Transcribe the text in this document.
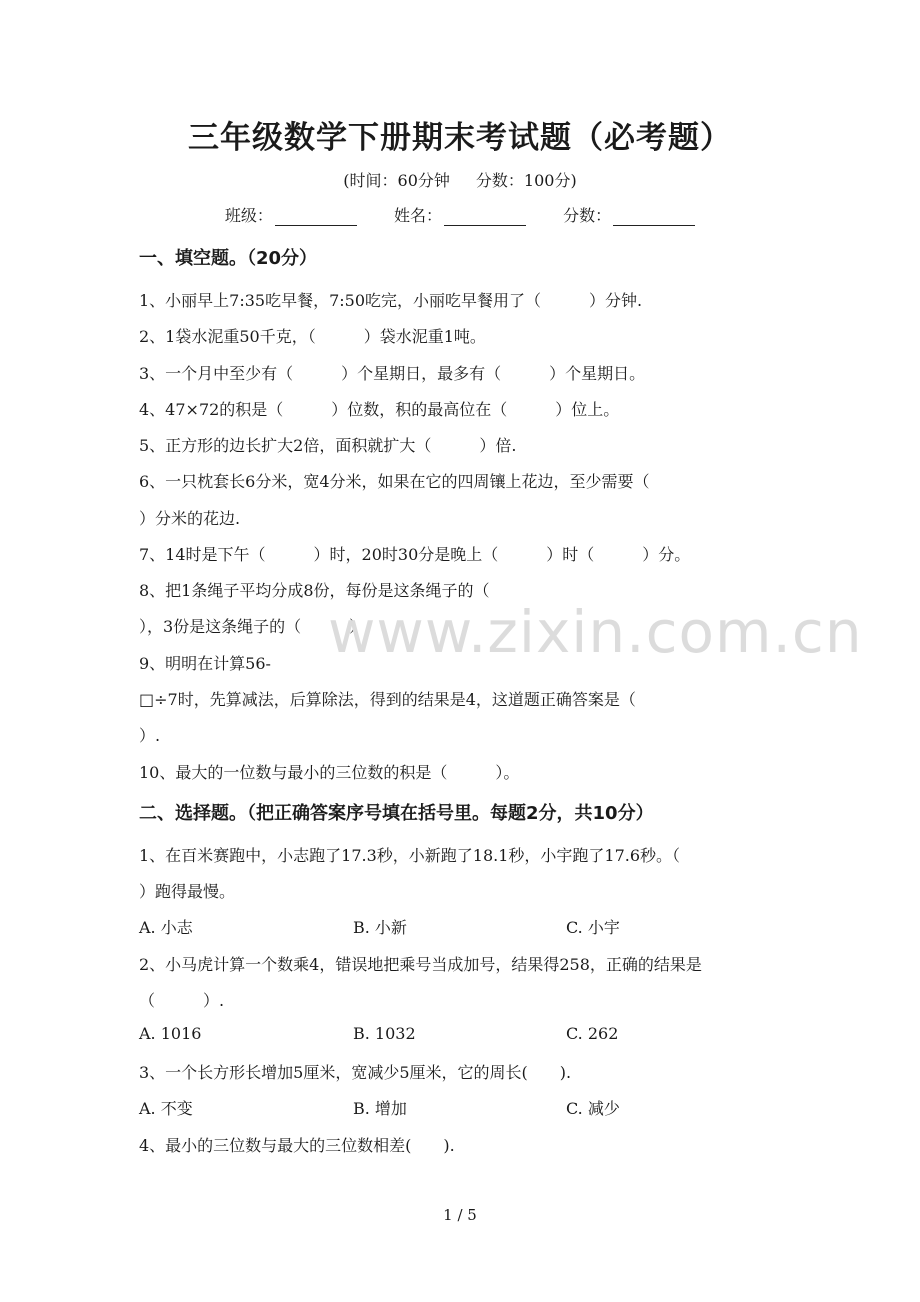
三年级数学下册期末考试题（必考题）
(时间：60分钟 分数：100分)
班级：	姓名：	分数：
一、填空题。（20分）
1、小丽早上7:35吃早餐，7:50吃完，小丽吃早餐用了（　　　）分钟.
2、1袋水泥重50千克，（　　　）袋水泥重1吨。
3、一个月中至少有（　　　）个星期日，最多有（　　　）个星期日。
4、47×72的积是（　　　）位数，积的最高位在（　　　）位上。
5、正方形的边长扩大2倍，面积就扩大（　　　）倍.
6、一只枕套长6分米，宽4分米，如果在它的四周镶上花边，至少需要（
）分米的花边.
7、14时是下午（　　　）时，20时30分是晚上（　　　）时（　　　）分。
8、把1条绳子平均分成8份，每份是这条绳子的（
），3份是这条绳子的（　　　）.
9、明明在计算56-
□÷7时，先算减法，后算除法，得到的结果是4，这道题正确答案是（
）.
10、最大的一位数与最小的三位数的积是（　　　）。
二、选择题。（把正确答案序号填在括号里。每题2分，共10分）
1、在百米赛跑中，小志跑了17.3秒，小新跑了18.1秒，小宇跑了17.6秒。（
）跑得最慢。
A. 小志	B. 小新	C. 小宇
2、小马虎计算一个数乘4，错误地把乘号当成加号，结果得258，正确的结果是
（　　　）.
A. 1016	B. 1032	C. 262
3、一个长方形长增加5厘米，宽减少5厘米，它的周长(　　).
A. 不变	B. 增加	C. 减少
4、最小的三位数与最大的三位数相差(　　).
www.zixin.com.cn
1 / 5
